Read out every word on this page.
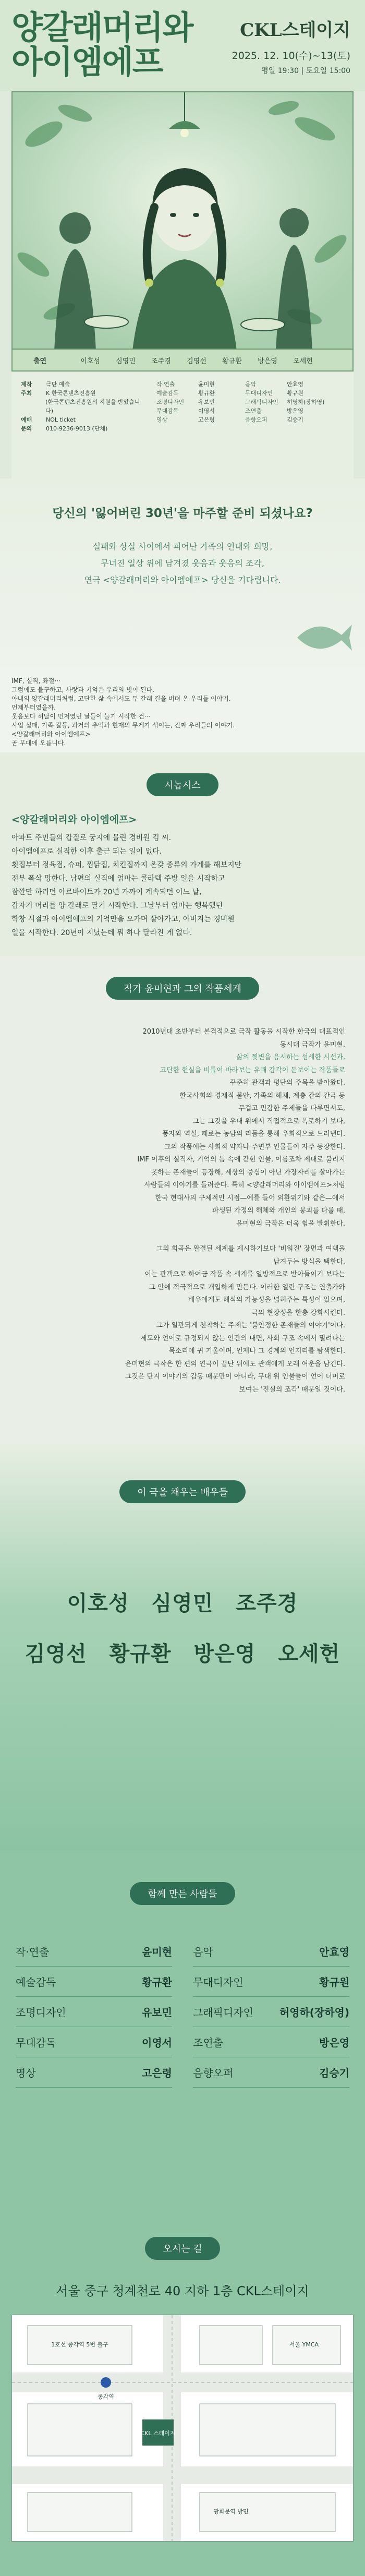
양갈래머리와
아이엠에프
CKL스테이지
2025. 12. 10(수)~13(토)
평일 19:30 | 토요일 15:00
출연	이호성	심영민	조주경	김영선	황규환	방은영	오세헌
제작	극단 예술
주최	K 한국콘텐츠진흥원
(한국콘텐츠진흥원의 지원을 받았습니다)
예매	NOL ticket
문의	010-9236-9013 (단체)
작·연출	윤미현	음악	안효영
예술감독	황규환	무대디자인	황규원
조명디자인	유보민	그래픽디자인	허영하(장하영)
무대감독	이영서	조연출	방은영
영상	고은령	음향오퍼	김승기
당신의 '잃어버린 30년'을 마주할 준비 되셨나요?
실패와 상실 사이에서 피어난 가족의 연대와 희망,
무너진 일상 위에 남겨졌 웃음과 웃음의 조각,
연극 <양갈래머리와 아이엠에프> 당신을 기다립니다.
IMF, 실직, 좌절···
그럼에도 불구하고, 사랑과 기억은 우리의 빛이 된다.
아내의 양갈래머리처럼, 고단한 삶 속에서도 두 갈래 길을 버텨 온 우리들 이야기.
언제부터였을까.
웃음보다 허탈이 먼저였던 날들이 늘기 시작한 건···
사업 실패, 가족 갈등, 과거의 추억과 현재의 무게가 섞이는, 진짜 우리들의 이야기.
<양갈래머리와 아이엠에프>
곧 무대에 오릅니다.
시놉시스
<양갈래머리와 아이엠에프>
아파트 주민들의 갑질로 궁지에 몰린 경비원 김 씨.
아이엠에프로 실직한 이후 출근 되는 일이 없다.
횟집부터 정육점, 슈퍼, 찜닭집, 치킨집까지 온갖 종류의 가게를 해보지만
전부 폭삭 망한다. 남편의 실직에 엄마는 콜라텍 주방 일을 시작하고
잠깐만 하려던 아르바이트가 20년 가까이 계속되던 어느 날,
갑자기 머리를 양 갈래로 딸기 시작한다. 그날부터 엄마는 행복했던
학창 시절과 아이엠에프의 기억만을 오가며 살아가고, 아버지는 경비원
일을 시작한다. 20년이 지났는데 뭐 하나 달라진 게 없다.
작가 윤미현과 그의 작품세계
2010년대 초반부터 본격적으로 극작 활동을 시작한 한국의 대표적인
동시대 극작가 윤미현.
삶의 찢변을 응시하는 섬세한 시선과,
고단한 현실을 비틀어 바라보는 유쾌 감각이 돋보이는 작품들로
꾸준히 관객과 평단의 주목을 받아왔다.
한국사회의 경제적 불안, 가족의 해체, 계층 간의 간극 등
무겁고 민감한 주제들을 다루면서도,
그는 그것을 우대 위에서 직접적으로 폭로하기 보다,
풍자와 역설, 때로는 농담의 리듬을 통해 우회적으로 드러낸다.
그의 작품에는 사회적 약자나 주변부 인물들이 자주 등장한다.
IMF 이후의 실직자, 기억의 틈 속에 갇힌 인물, 이름조차 제대로 불리지
못하는 존재들이 등장해, 세상의 중심이 아닌 가장자리를 살아가는
사람들의 이야기를 들려준다. 특히 <양갈래머리와 아이엠에프>처럼
한국 현대사의 구체적인 시점—예를 들어 외환위기와 같은—에서
파생된 가정의 해체와 개인의 붕괴를 다룰 때,
윤미현의 극작은 더욱 힘을 발휘한다.
그의 희곡은 완결된 세계를 제시하기보다 '비워진' 장면과 여백을
남겨두는 방식을 택한다.
이는 관객으로 하여금 작품 속 세계를 일방적으로 받아들이기 보다는
그 안에 적극적으로 개입하게 만든다. 이러한 열린 구조는 연출가와
배우에게도 해석의 가능성을 넓혀주는 특성이 있으며,
극의 현장성을 한층 강화시킨다.
그가 일관되게 천착하는 주제는 '불안정한 존재들의 이야기'이다.
제도와 언어로 규정되지 않는 인간의 내면, 사회 구조 속에서 밀려나는
목소리에 귀 기울이며, 언제나 그 경계의 언저리를 탐색한다.
윤미현의 극작은 한 편의 연극이 끝난 뒤에도 관객에게 오래 여운을 남긴다.
그것은 단지 이야기의 감동 때문만이 아니라, 무대 위 인물들이 언어 너머로
보여는 '진실의 조각' 때문일 것이다.
이 극을 채우는 배우들
이호성 심영민 조주경
김영선 황규환 방은영 오세헌
함께 만든 사람들
작·연출	윤미현 음악	안효영
예술감독	황규환 무대디자인	황규원
조명디자인	유보민 그래픽디자인 허영하(장하영)
무대감독	이영서 조연출	방은영
영상	고은령 음향오퍼	김승기
오시는 길
서울 중구 청계천로 40 지하 1층 CKL스테이지
CKL 스테이지
종각역
서울 YMCA
광화문역 방면
1호선 종각역 5번 출구
